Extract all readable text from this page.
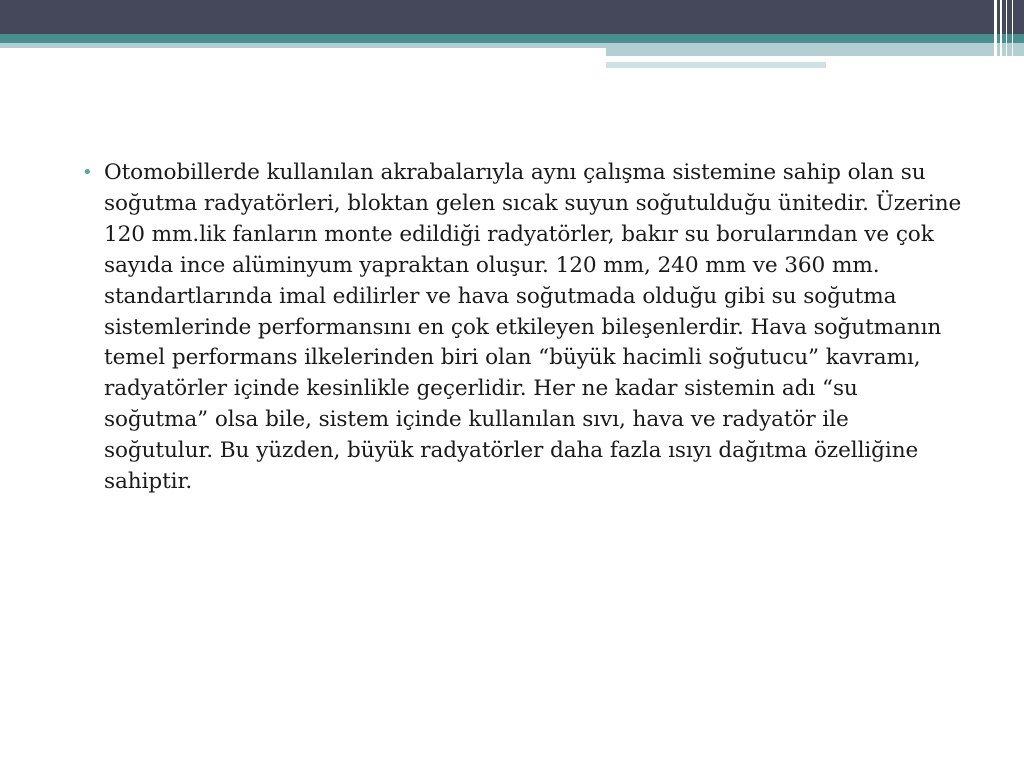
• Otomobillerde kullanılan akrabalarıyla aynı çalışma sistemine sahip olan su soğutma radyatörleri, bloktan gelen sıcak suyun soğutulduğu ünitedir. Üzerine 120 mm.lik fanların monte edildiği radyatörler, bakır su borularından ve çok sayıda ince alüminyum yapraktan oluşur. 120 mm, 240 mm ve 360 mm. standartlarında imal edilirler ve hava soğutmada olduğu gibi su soğutma sistemlerinde performansını en çok etkileyen bileşenlerdir. Hava soğutmanın temel performans ilkelerinden biri olan “büyük hacimli soğutucu” kavramı, radyatörler içinde kesinlikle geçerlidir. Her ne kadar sistemin adı “su soğutma” olsa bile, sistem içinde kullanılan sıvı, hava ve radyatör ile soğutulur. Bu yüzden, büyük radyatörler daha fazla ısıyı dağıtma özelliğine sahiptir.
